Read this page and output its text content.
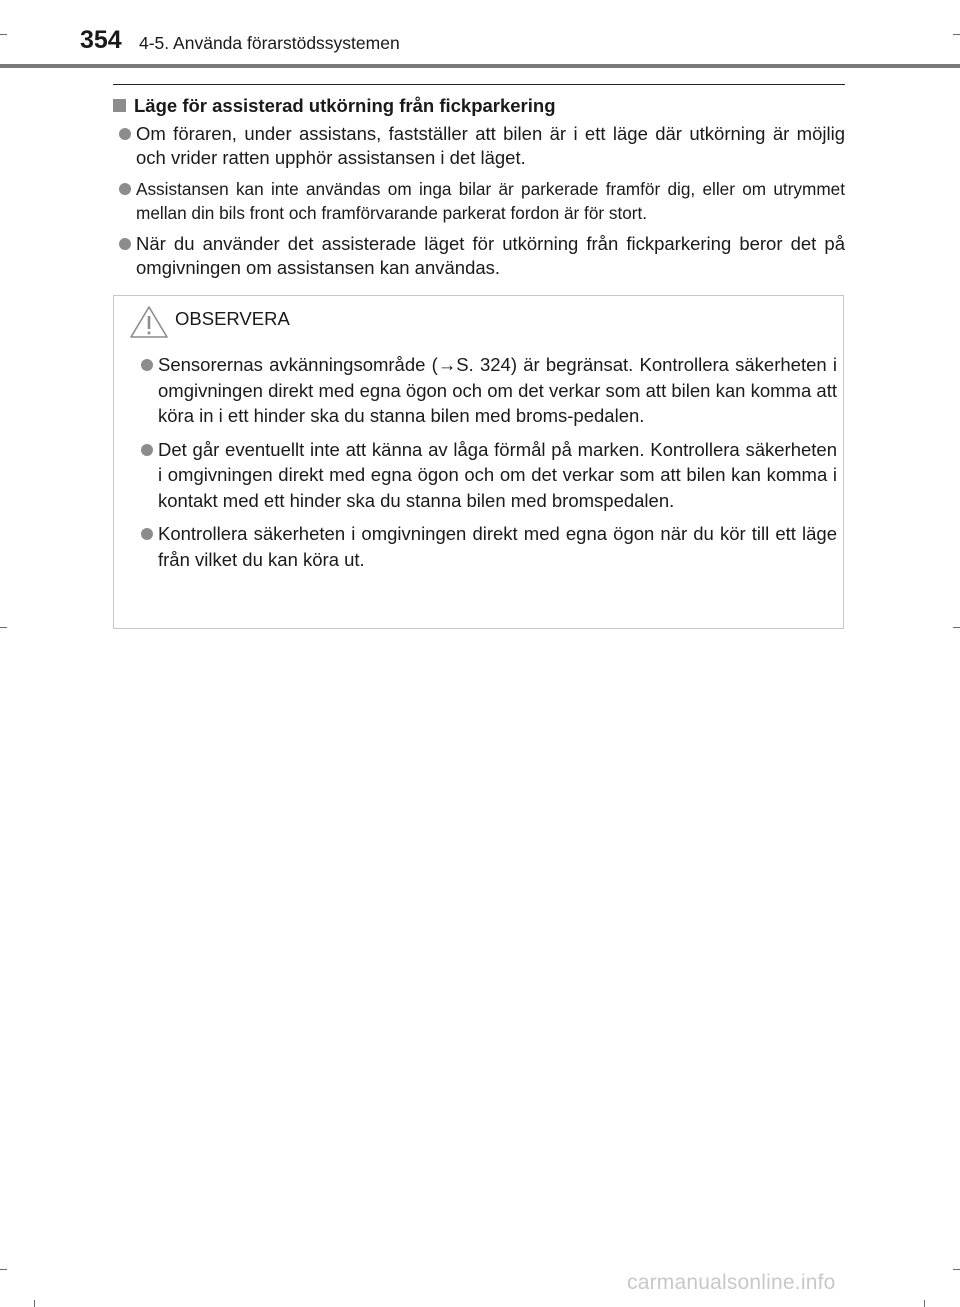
354 4-5. Använda förarstödssystemen
Läge för assisterad utkörning från fickparkering
Om föraren, under assistans, fastställer att bilen är i ett läge där utkörning är möjlig och vrider ratten upphör assistansen i det läget.
Assistansen kan inte användas om inga bilar är parkerade framför dig, eller om utrymmet mellan din bils front och framförvarande parkerat fordon är för stort.
När du använder det assisterade läget för utkörning från fickparkering beror det på omgivningen om assistansen kan användas.
OBSERVERA
Sensorernas avkänningsområde (→S. 324) är begränsat. Kontrollera säkerheten i omgivningen direkt med egna ögon och om det verkar som att bilen kan komma att köra in i ett hinder ska du stanna bilen med broms-pedalen.
Det går eventuellt inte att känna av låga förmål på marken. Kontrollera säkerheten i omgivningen direkt med egna ögon och om det verkar som att bilen kan komma i kontakt med ett hinder ska du stanna bilen med bromspedalen.
Kontrollera säkerheten i omgivningen direkt med egna ögon när du kör till ett läge från vilket du kan köra ut.
carmanualsonline.info
